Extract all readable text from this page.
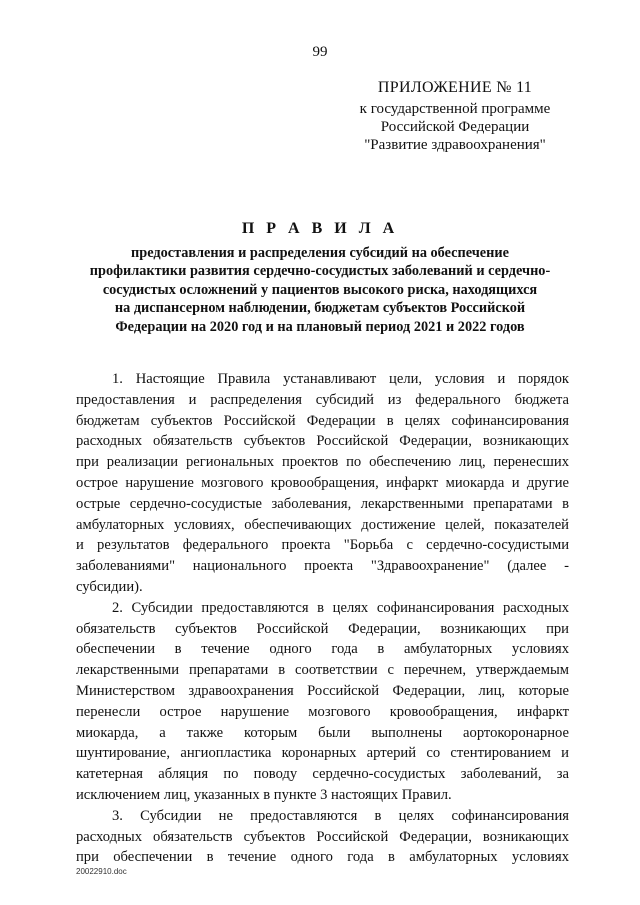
99
ПРИЛОЖЕНИЕ № 11
к государственной программе
Российской Федерации
"Развитие здравоохранения"
П Р А В И Л А
предоставления и распределения субсидий на обеспечение
профилактики развития сердечно-сосудистых заболеваний и сердечно-
сосудистых осложнений у пациентов высокого риска, находящихся
на диспансерном наблюдении, бюджетам субъектов Российской
Федерации на 2020 год и на плановый период 2021 и 2022 годов

1. Настоящие Правила устанавливают цели, условия и порядок
предоставления и распределения субсидий из федерального бюджета
бюджетам субъектов Российской Федерации в целях софинансирования
расходных обязательств субъектов Российской Федерации, возникающих
при реализации региональных проектов по обеспечению лиц, перенесших
острое нарушение мозгового кровообращения, инфаркт миокарда и другие
острые сердечно-сосудистые заболевания, лекарственными препаратами в
амбулаторных условиях, обеспечивающих достижение целей, показателей
и результатов федерального проекта "Борьба с сердечно-сосудистыми
заболеваниями" национального проекта "Здравоохранение" (далее -
субсидии).

2. Субсидии предоставляются в целях софинансирования расходных
обязательств субъектов Российской Федерации, возникающих при
обеспечении в течение одного года в амбулаторных условиях
лекарственными препаратами в соответствии с перечнем, утверждаемым
Министерством здравоохранения Российской Федерации, лиц, которые
перенесли острое нарушение мозгового кровообращения, инфаркт
миокарда, а также которым были выполнены аортокоронарное
шунтирование, ангиопластика коронарных артерий со стентированием и
катетерная абляция по поводу сердечно-сосудистых заболеваний, за
исключением лиц, указанных в пункте 3 настоящих Правил.

3. Субсидии не предоставляются в целях софинансирования
расходных обязательств субъектов Российской Федерации, возникающих
при обеспечении в течение одного года в амбулаторных условиях

20022910.doc
